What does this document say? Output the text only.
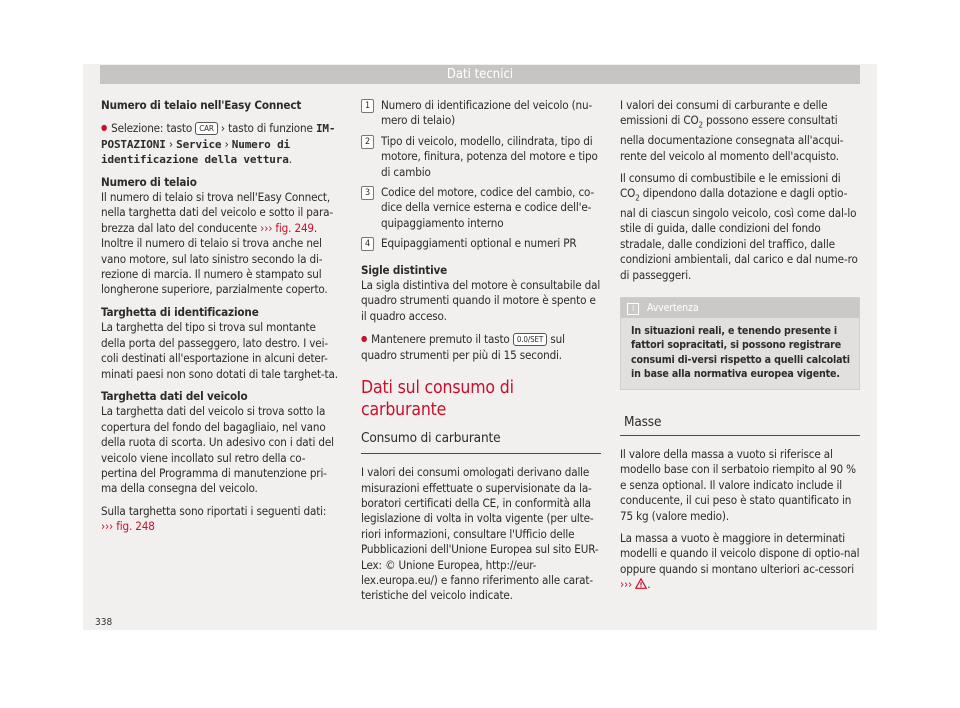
Dati tecnici

Numero di telaio nell'Easy Connect

● Selezione: tasto CAR › tasto di funzione IM-POSTAZIONI › Service › Numero di identificazione della vettura.

Numero di telaio

Il numero di telaio si trova nell'Easy Connect, nella targhetta dati del veicolo e sotto il para-brezza dal lato del conducente ››› fig. 249. Inoltre il numero di telaio si trova anche nel vano motore, sul lato sinistro secondo la di-rezione di marcia. Il numero è stampato sul longherone superiore, parzialmente coperto.

Targhetta di identificazione

La targhetta del tipo si trova sul montante della porta del passeggero, lato destro. I vei-coli destinati all'esportazione in alcuni deter-minati paesi non sono dotati di tale targhet-ta.

Targhetta dati del veicolo

La targhetta dati del veicolo si trova sotto la copertura del fondo del bagagliaio, nel vano della ruota di scorta. Un adesivo con i dati del veicolo viene incollato sul retro della co-pertina del Programma di manutenzione pri-ma della consegna del veicolo.

Sulla targhetta sono riportati i seguenti dati:

››› fig. 248

1 Numero di identificazione del veicolo (nu-mero di telaio)
2 Tipo di veicolo, modello, cilindrata, tipo di motore, finitura, potenza del motore e tipo di cambio
3 Codice del motore, codice del cambio, co-dice della vernice esterna e codice dell'e-quipaggiamento interno
4 Equipaggiamenti optional e numeri PR

Sigle distintive

La sigla distintiva del motore è consultabile dal quadro strumenti quando il motore è spento e il quadro acceso.

● Mantenere premuto il tasto 0.0/SET sul quadro strumenti per più di 15 secondi.

Dati sul consumo di carburante
Consumo di carburante

I valori dei consumi omologati derivano dalle misurazioni effettuate o supervisionate da la-boratori certificati della CE, in conformità alla legislazione di volta in volta vigente (per ulte-riori informazioni, consultare l'Ufficio delle Pubblicazioni dell'Unione Europea sul sito EUR-Lex: © Unione Europea, http://eur-lex.europa.eu/) e fanno riferimento alle carat-teristiche del veicolo indicate.

I valori dei consumi di carburante e delle emissioni di $CO_2$ possono essere consultati nella documentazione consegnata all'acqui-rente del veicolo al momento dell'acquisto.

Il consumo di combustibile e le emissioni di $CO_2$ dipendono dalla dotazione e dagli optio-nal di ciascun singolo veicolo, così come dal-lo stile di guida, dalle condizioni del fondo stradale, dalle condizioni del traffico, dalle condizioni ambientali, dal carico e dal nume-ro di passeggeri.

i Avvertenza
In situazioni reali, e tenendo presente i fattori sopracitati, si possono registrare consumi di-versi rispetto a quelli calcolati in base alla normativa europea vigente.
Masse

Il valore della massa a vuoto si riferisce al modello base con il serbatoio riempito al 90 % e senza optional. Il valore indicato include il conducente, il cui peso è stato quantificato in 75 kg (valore medio).

La massa a vuoto è maggiore in determinati modelli e quando il veicolo dispone di optio-nal oppure quando si montano ulteriori ac-cessori ››› .

338
